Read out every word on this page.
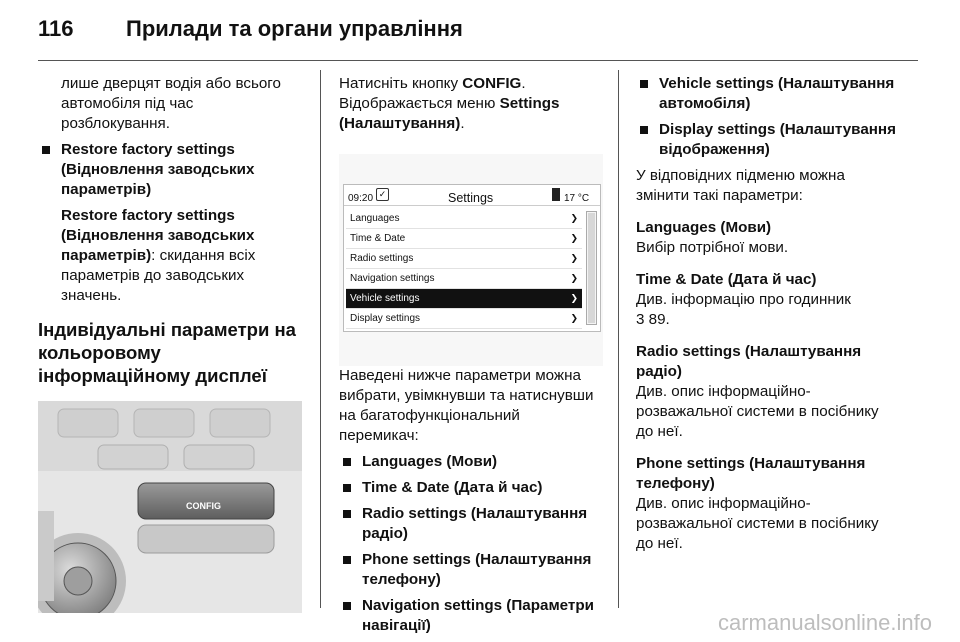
116 Прилади та органи управління

лише дверцят водія або всього автомобіля під час розблокування.

Restore factory settings (Відновлення заводських параметрів)

Restore factory settings (Відновлення заводських параметрів): скидання всіх параметрів до заводських значень.

Індивідуальні параметри на кольоровому інформаційному дисплеї

CONFIG

Натисніть кнопку CONFIG.

Відображається меню Settings (Налаштування).

09:20 ✓	Settings	17 °C
Languages	❯
Time & Date	❯
Radio settings	❯
Navigation settings	❯
Vehicle settings	❯
Display settings	❯

Наведені нижче параметри можна вибрати, увімкнувши та натиснувши на багатофункціональний перемикач:

Languages (Мови)
Time & Date (Дата й час)
Radio settings (Налаштування радіо)
Phone settings (Налаштування телефону)
Navigation settings (Параметри навігації)
Vehicle settings (Налаштування автомобіля)
Display settings (Налаштування відображення)

У відповідних підменю можна змінити такі параметри:

Languages (Мови)

Вибір потрібної мови.

Time & Date (Дата й час)

Див. інформацію про годинник

3 89.

Radio settings (Налаштування радіо)

Див. опис інформаційно-розважальної системи в посібнику до неї.

Phone settings (Налаштування телефону)

Див. опис інформаційно-розважальної системи в посібнику до неї.

carmanualsonline.info
